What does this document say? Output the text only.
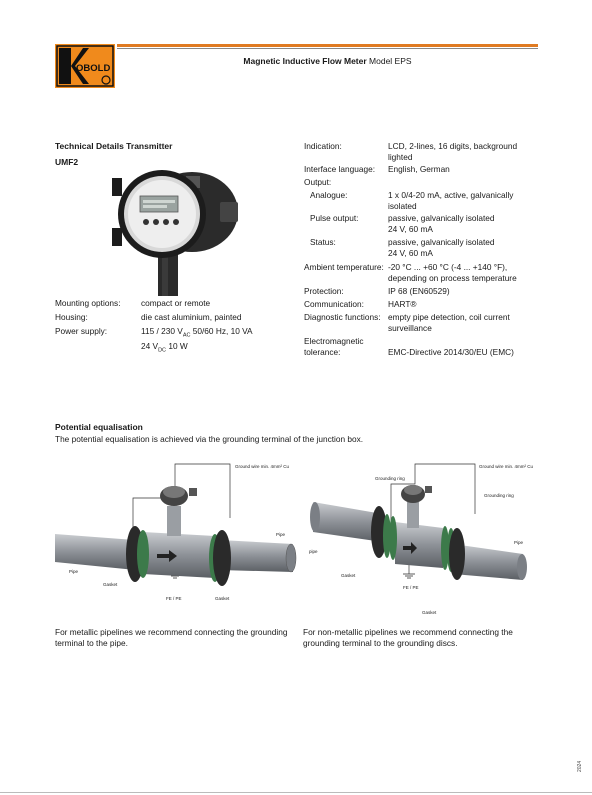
OBOLD
Magnetic Inductive Flow Meter Model EPS
Technical Details Transmitter
UMF2
Mounting options: compact or remote
Housing:	die cast aluminium, painted
Power supply:	115 / 230 $V_{AC}$ 50/60 Hz, 10 VA
24 $V_{DC}$ 10 W
Indication:	LCD, 2-lines, 16 digits, background lighted
Interface language: English, German
Output:
Analogue:	1 x 0/4-20 mA, active, galvanically isolated
Pulse output:	passive, galvanically isolated
24 V, 60 mA
Status:	passive, galvanically isolated
24 V, 60 mA
Ambient temperature: -20 °C ... +60 °C (-4 ... +140 °F),
depending on process temperature
Protection:	IP 68 (EN60529)
Communication:	HART®
Diagnostic functions: empty pipe detection, coil current surveillance
Electromagnetic
tolerance:	EMC-Directive 2014/30/EU (EMC)
Potential equalisation
The potential equalisation is achieved via the grounding terminal of the junction box.
Ground wire min. 4mm² Cu
Pipe
Pipe
Gasket
Gasket
FE / PE
Ground wire min. 4mm² Cu
Grounding ring
Grounding ring
Pipe
pipe
Gasket
Gasket
FE / PE
For metallic pipelines we recommend connecting the grounding terminal to the pipe.
For non-metallic pipelines we recommend connecting the grounding terminal to the grounding discs.
2024
